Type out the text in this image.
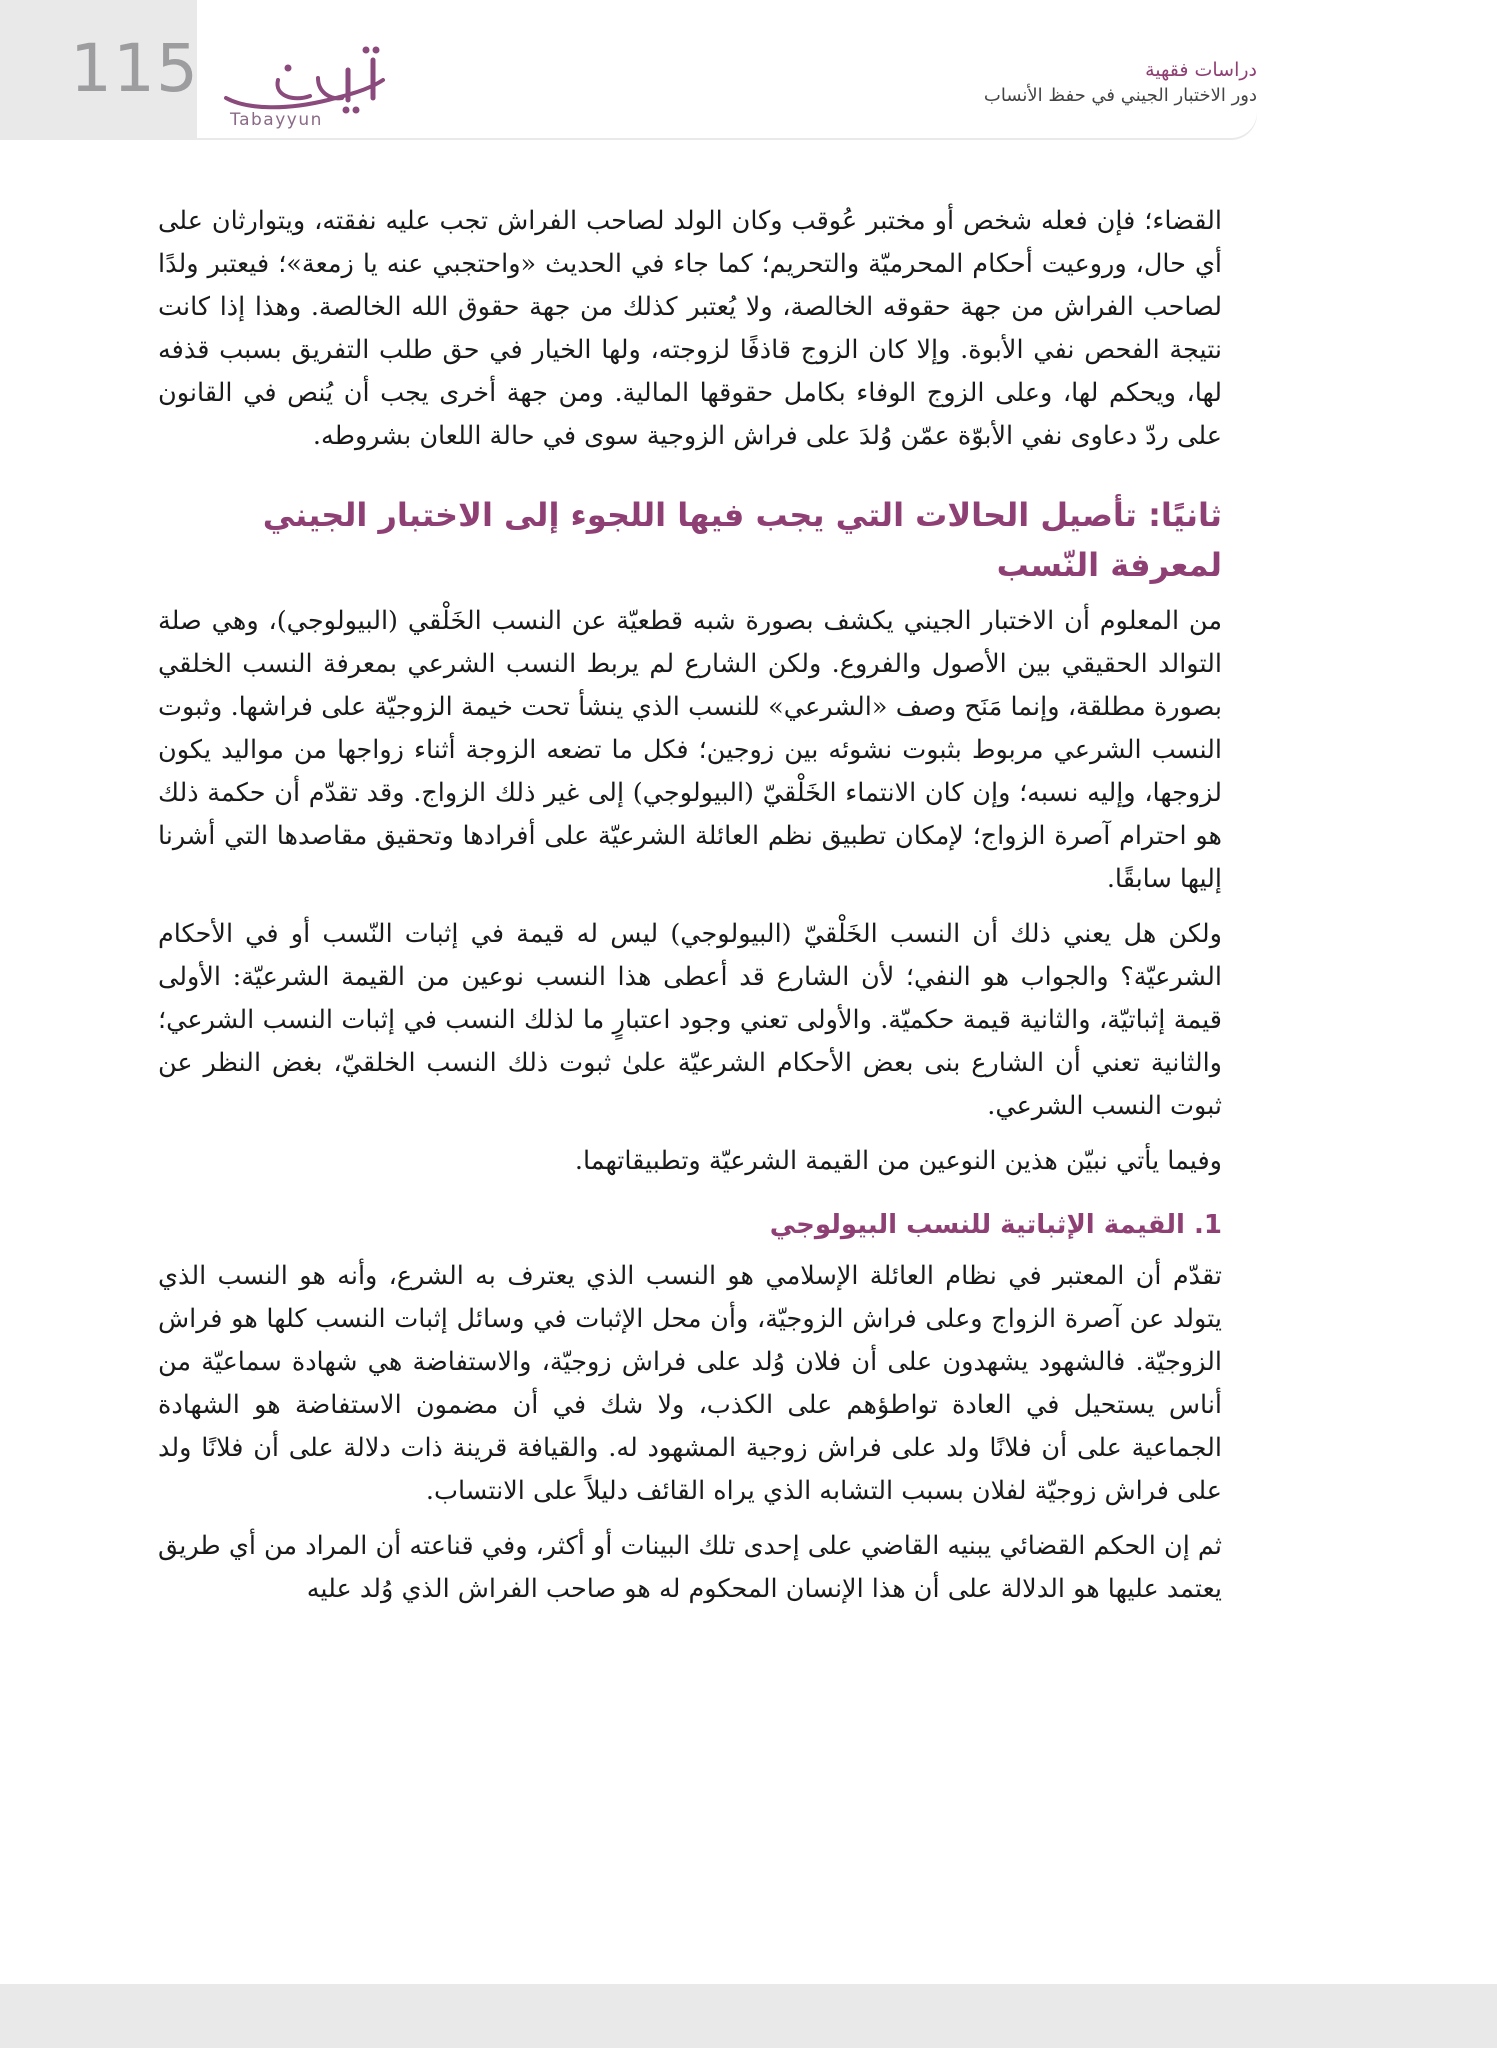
115
Tabayyun
دراسات فقهية
دور الاختبار الجيني في حفظ الأنساب

القضاء؛ فإن فعله شخص أو مختبر عُوقب وكان الولد لصاحب الفراش تجب عليه نفقته، ويتوارثان على أي حال، وروعيت أحكام المحرميّة والتحريم؛ كما جاء في الحديث «واحتجبي عنه يا زمعة»؛ فيعتبر ولدًا لصاحب الفراش من جهة حقوقه الخالصة، ولا يُعتبر كذلك من جهة حقوق الله الخالصة. وهذا إذا كانت نتيجة الفحص نفي الأبوة. وإلا كان الزوج قاذفًا لزوجته، ولها الخيار في حق طلب التفريق بسبب قذفه لها، ويحكم لها، وعلى الزوج الوفاء بكامل حقوقها المالية. ومن جهة أخرى يجب أن يُنص في القانون على ردّ دعاوى نفي الأبوّة عمّن وُلدَ على فراش الزوجية سوى في حالة اللعان بشروطه.

ثانيًا: تأصيل الحالات التي يجب فيها اللجوء إلى الاختبار الجيني لمعرفة النّسب

من المعلوم أن الاختبار الجيني يكشف بصورة شبه قطعيّة عن النسب الخَلْقي (البيولوجي)، وهي صلة التوالد الحقيقي بين الأصول والفروع. ولكن الشارع لم يربط النسب الشرعي بمعرفة النسب الخلقي بصورة مطلقة، وإنما مَنَح وصف «الشرعي» للنسب الذي ينشأ تحت خيمة الزوجيّة على فراشها. وثبوت النسب الشرعي مربوط بثبوت نشوئه بين زوجين؛ فكل ما تضعه الزوجة أثناء زواجها من مواليد يكون لزوجها، وإليه نسبه؛ وإن كان الانتماء الخَلْقيّ (البيولوجي) إلى غير ذلك الزواج. وقد تقدّم أن حكمة ذلك هو احترام آصرة الزواج؛ لإمكان تطبيق نظم العائلة الشرعيّة على أفرادها وتحقيق مقاصدها التي أشرنا إليها سابقًا.

ولكن هل يعني ذلك أن النسب الخَلْقيّ (البيولوجي) ليس له قيمة في إثبات النّسب أو في الأحكام الشرعيّة؟ والجواب هو النفي؛ لأن الشارع قد أعطى هذا النسب نوعين من القيمة الشرعيّة: الأولى قيمة إثباتيّة، والثانية قيمة حكميّة. والأولى تعني وجود اعتبارٍ ما لذلك النسب في إثبات النسب الشرعي؛ والثانية تعني أن الشارع بنى بعض الأحكام الشرعيّة علىٰ ثبوت ذلك النسب الخلقيّ، بغض النظر عن ثبوت النسب الشرعي.

وفيما يأتي نبيّن هذين النوعين من القيمة الشرعيّة وتطبيقاتهما.

1. القيمة الإثباتية للنسب البيولوجي

تقدّم أن المعتبر في نظام العائلة الإسلامي هو النسب الذي يعترف به الشرع، وأنه هو النسب الذي يتولد عن آصرة الزواج وعلى فراش الزوجيّة، وأن محل الإثبات في وسائل إثبات النسب كلها هو فراش الزوجيّة. فالشهود يشهدون على أن فلان وُلد على فراش زوجيّة، والاستفاضة هي شهادة سماعيّة من أناس يستحيل في العادة تواطؤهم على الكذب، ولا شك في أن مضمون الاستفاضة هو الشهادة الجماعية على أن فلانًا ولد على فراش زوجية المشهود له. والقيافة قرينة ذات دلالة على أن فلانًا ولد على فراش زوجيّة لفلان بسبب التشابه الذي يراه القائف دليلاً على الانتساب.

ثم إن الحكم القضائي يبنيه القاضي على إحدى تلك البينات أو أكثر، وفي قناعته أن المراد من أي طريق يعتمد عليها هو الدلالة على أن هذا الإنسان المحكوم له هو صاحب الفراش الذي وُلد عليه
